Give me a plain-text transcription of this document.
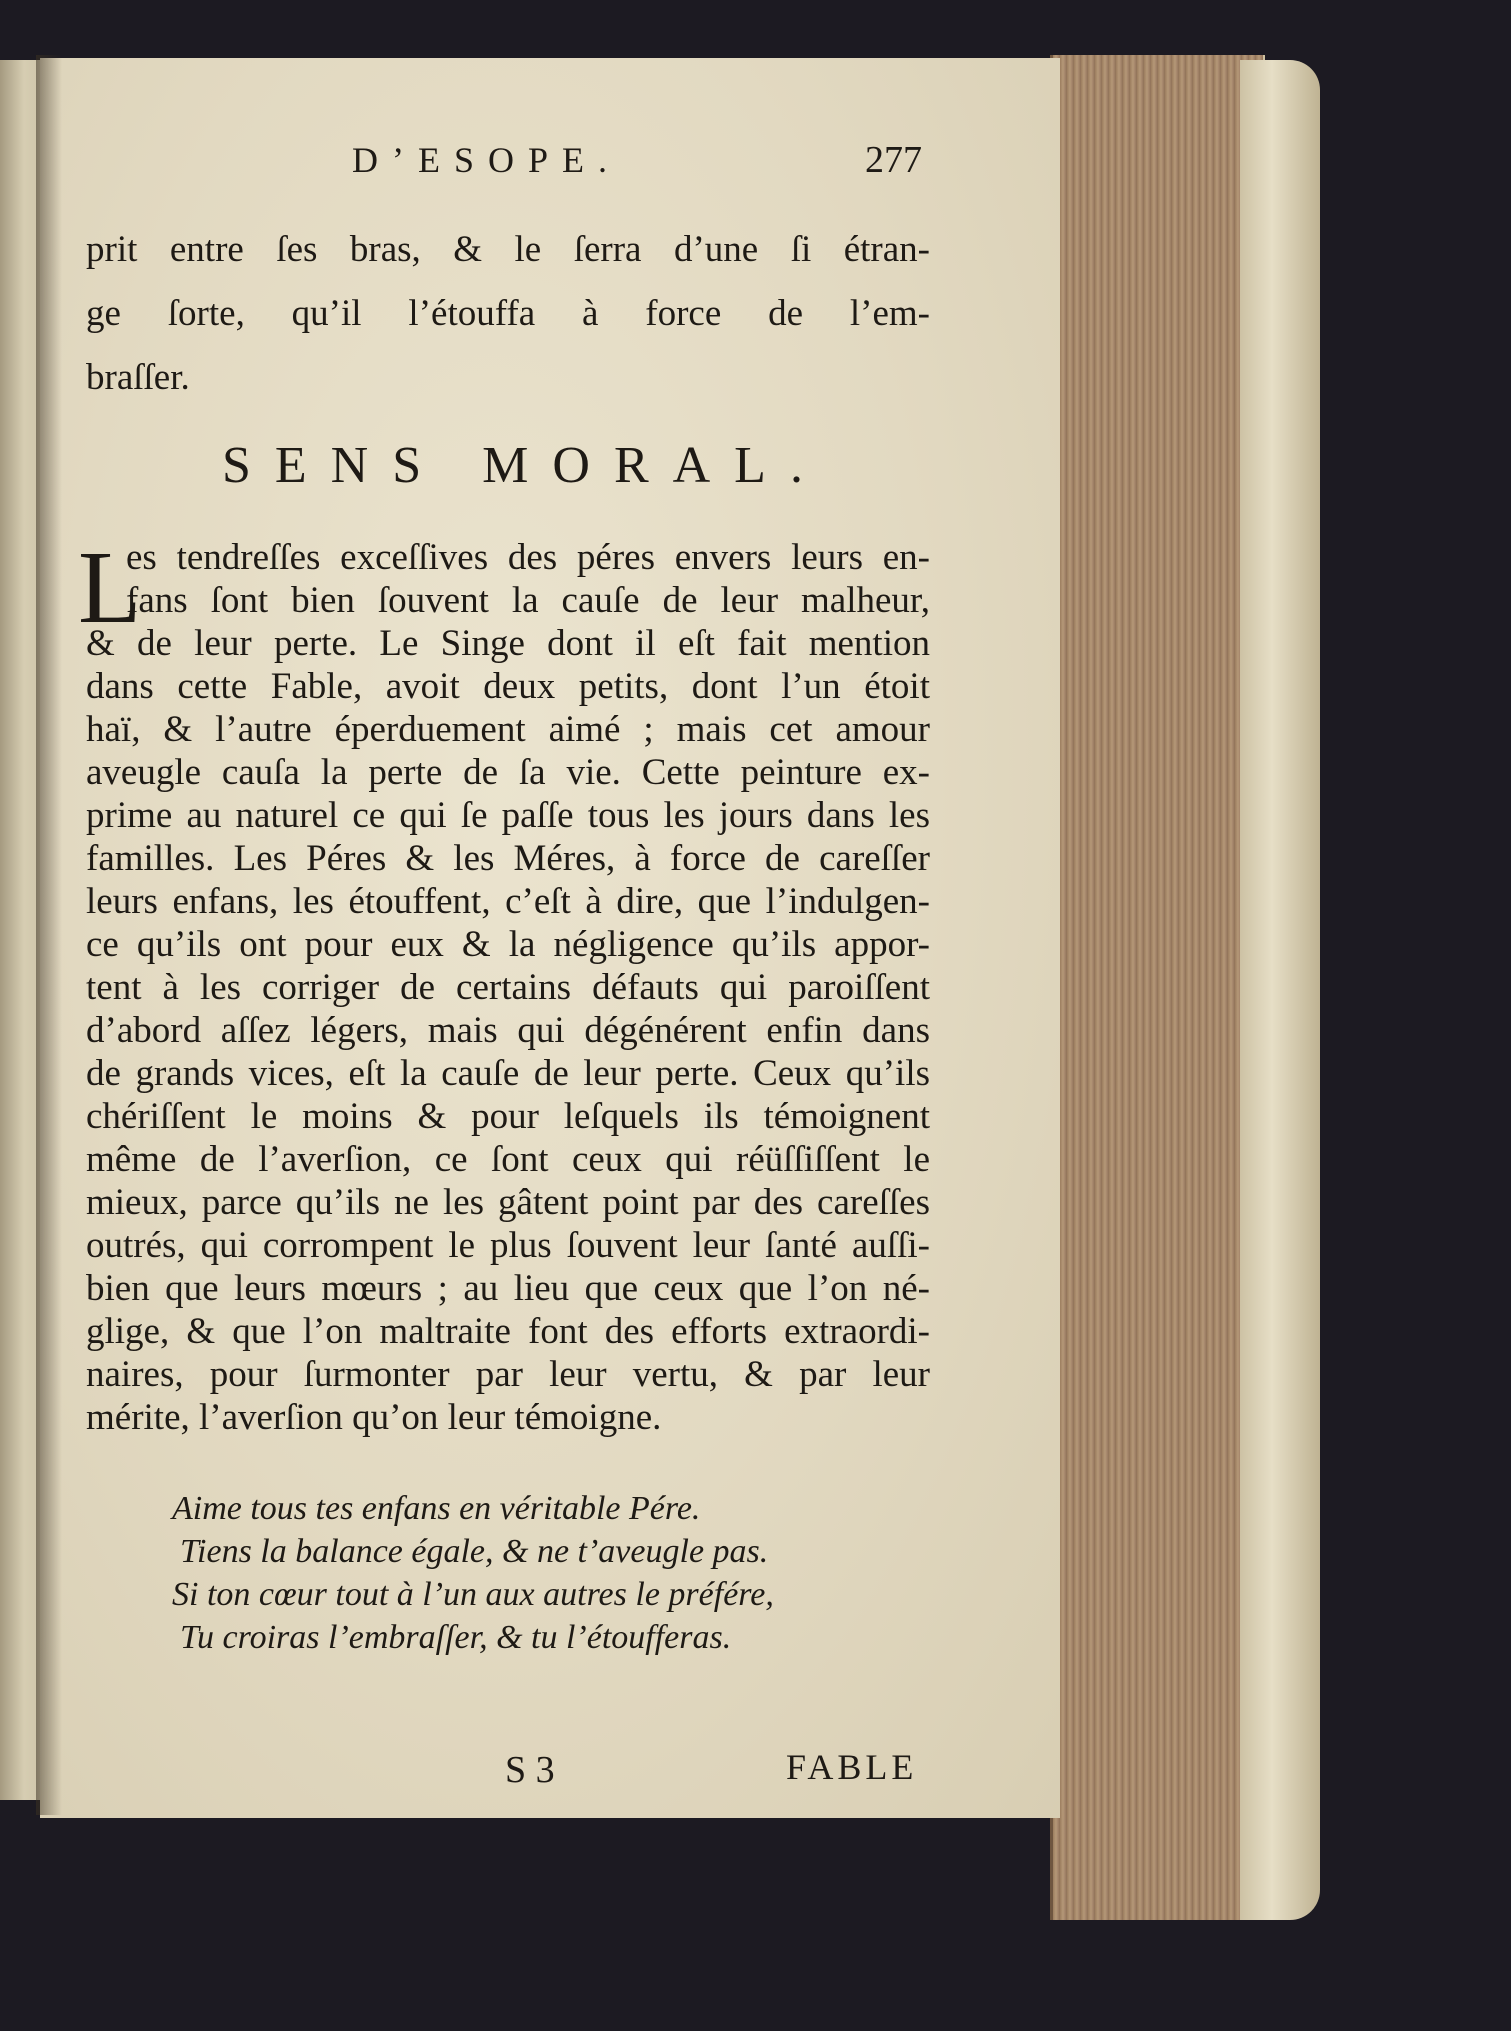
D’ESOPE.	277
prit entre ſes bras, & le ſerra d’une ſi étran-
ge ſorte, qu’il l’étouffa à force de l’em-
braſſer.
SENS MORAL.
L
es tendreſſes exceſſives des péres envers leurs en-
fans ſont bien ſouvent la cauſe de leur malheur,
& de leur perte. Le Singe dont il eſt fait mention
dans cette Fable, avoit deux petits, dont l’un étoit
haï, & l’autre éperduement aimé ; mais cet amour
aveugle cauſa la perte de ſa vie. Cette peinture ex-
prime au naturel ce qui ſe paſſe tous les jours dans les
familles. Les Péres & les Méres, à force de careſſer
leurs enfans, les étouffent, c’eſt à dire, que l’indulgen-
ce qu’ils ont pour eux & la négligence qu’ils appor-
tent à les corriger de certains défauts qui paroiſſent
d’abord aſſez légers, mais qui dégénérent enfin dans
de grands vices, eſt la cauſe de leur perte. Ceux qu’ils
chériſſent le moins & pour leſquels ils témoignent
même de l’averſion, ce ſont ceux qui réüſſiſſent le
mieux, parce qu’ils ne les gâtent point par des careſſes
outrés, qui corrompent le plus ſouvent leur ſanté auſſi-
bien que leurs mœurs ; au lieu que ceux que l’on né-
glige, & que l’on maltraite font des efforts extraordi-
naires, pour ſurmonter par leur vertu, & par leur
mérite, l’averſion qu’on leur témoigne.
Aime tous tes enfans en véritable Pére.
Tiens la balance égale, & ne t’aveugle pas.
Si ton cœur tout à l’un aux autres le préfére,
Tu croiras l’embraſſer, & tu l’étoufferas.
S 3	FABLE
